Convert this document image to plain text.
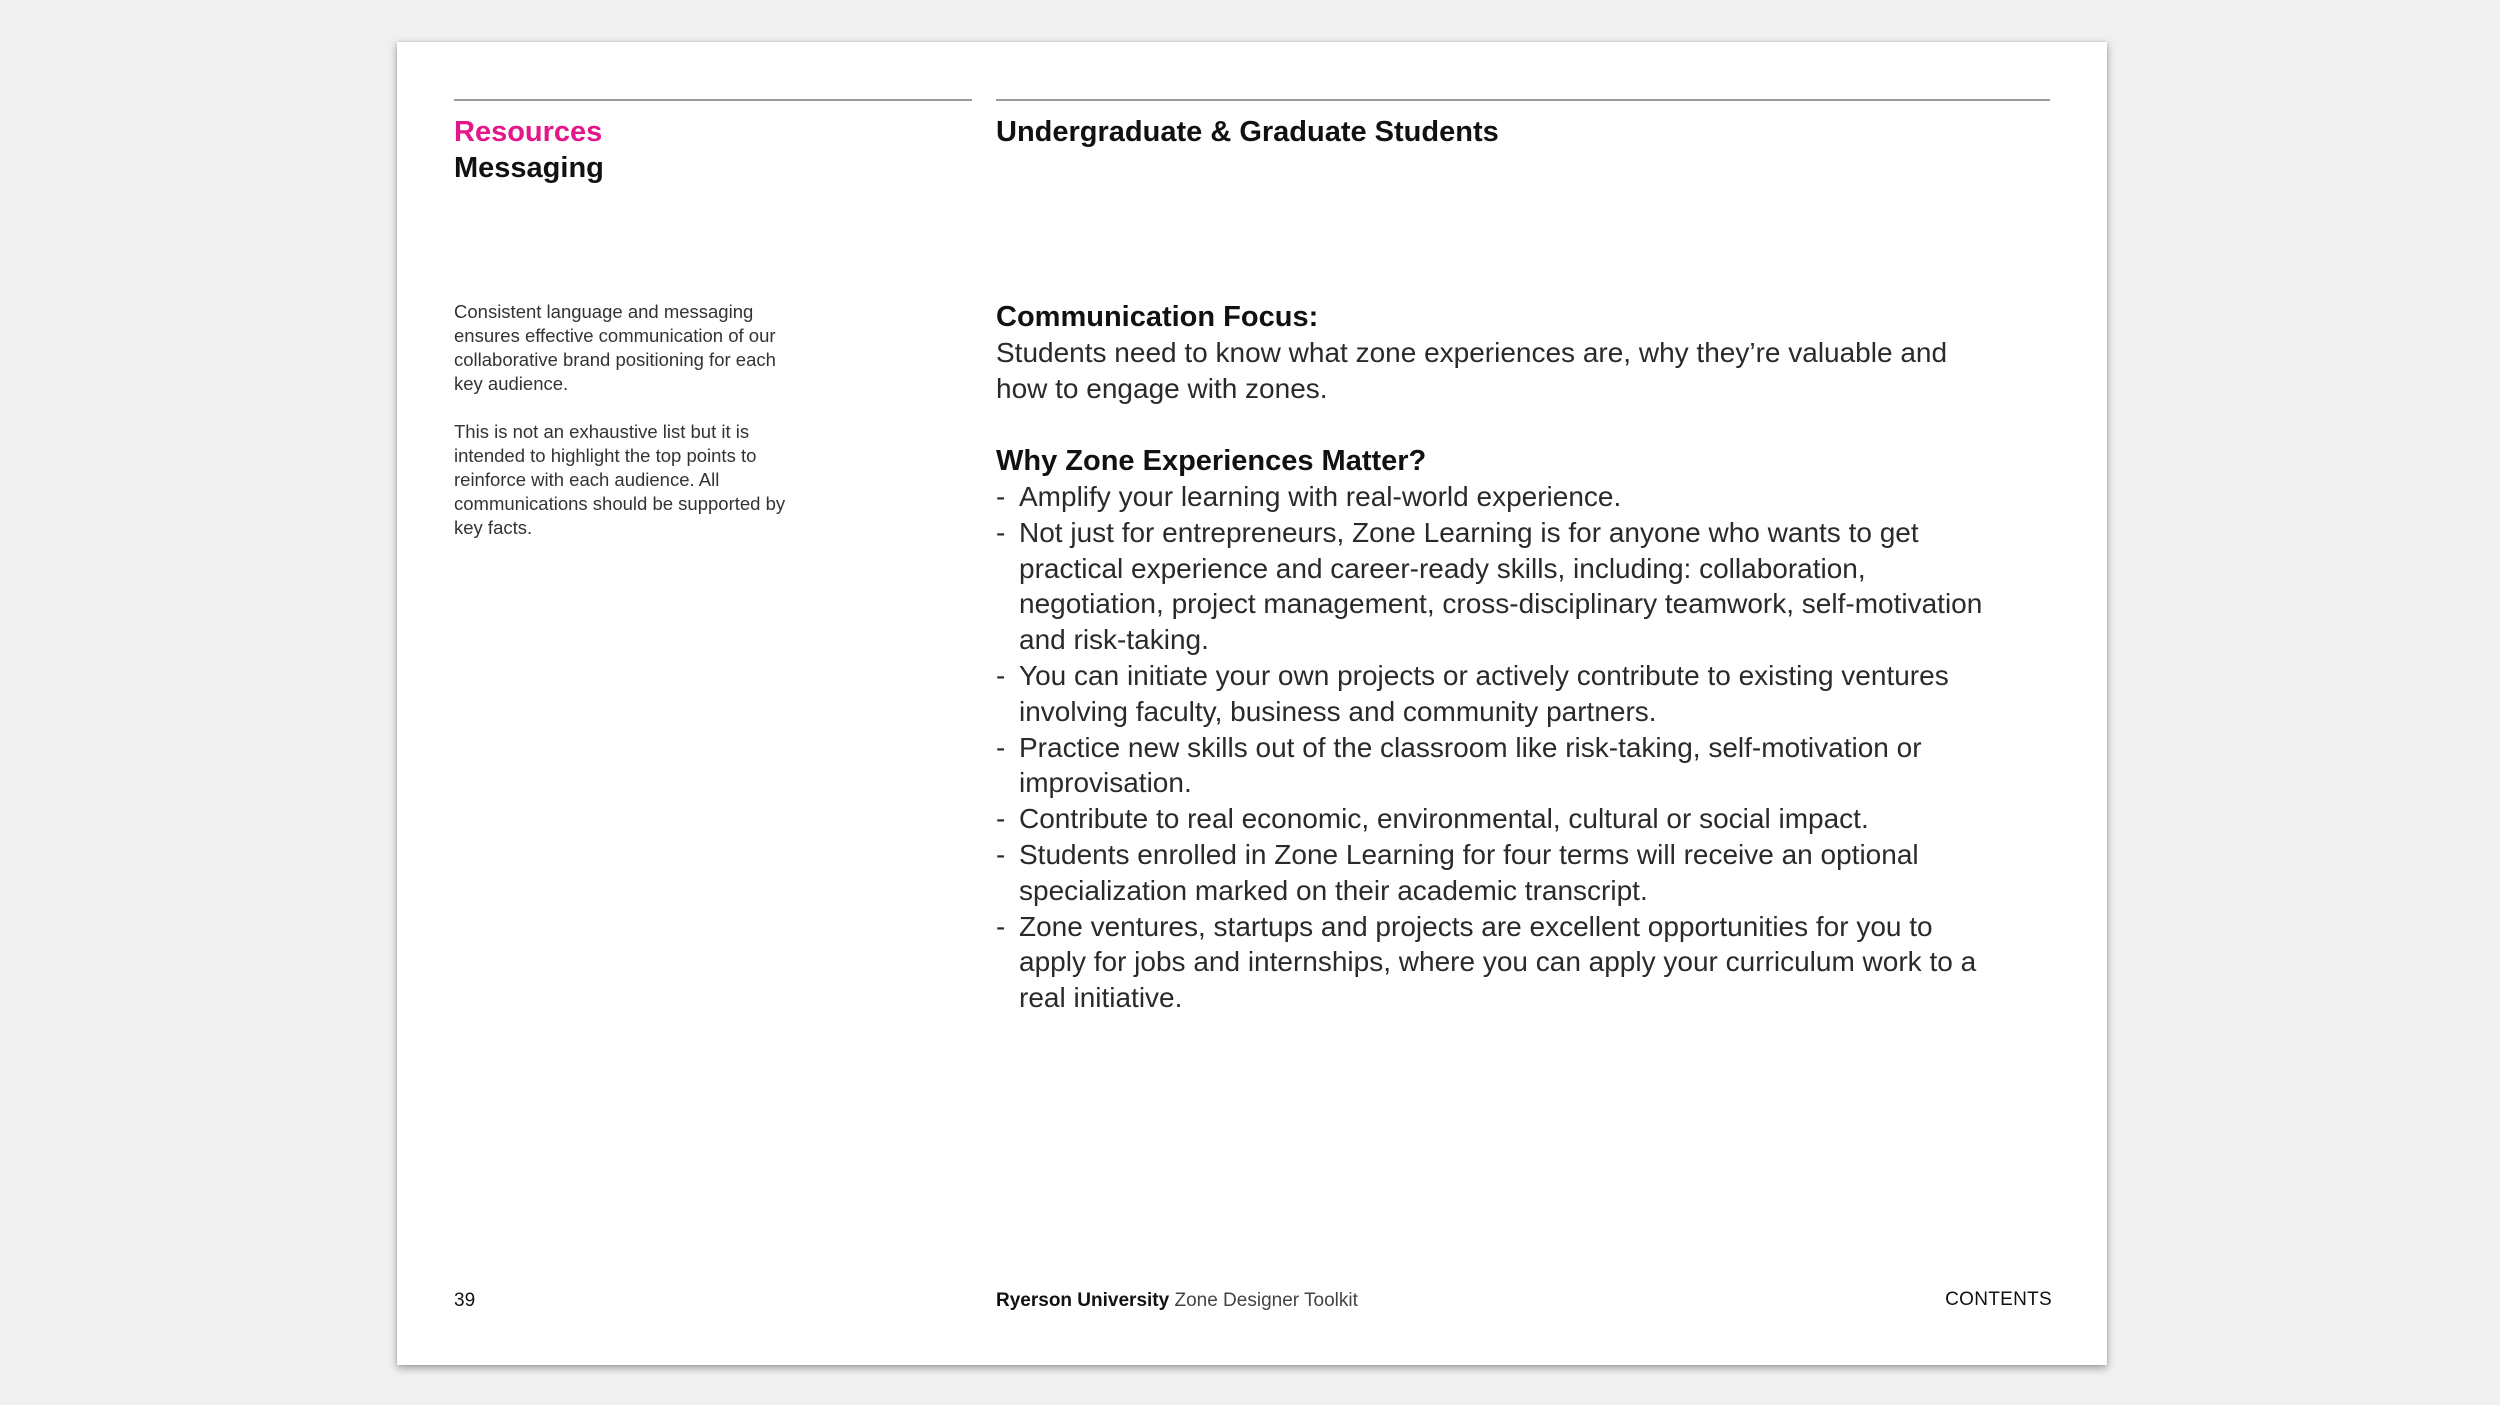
Resources
Messaging
Undergraduate & Graduate Students

Consistent language and messaging ensures effective communication of our collaborative brand positioning for each key audience.

This is not an exhaustive list but it is intended to highlight the top points to reinforce with each audience. All communications should be supported by key facts.

Communication Focus:

Students need to know what zone experiences are, why they’re valuable and how to engage with zones.

Why Zone Experiences Matter?
- Amplify your learning with real-world experience.
- Not just for entrepreneurs, Zone Learning is for anyone who wants to get practical experience and career-ready skills, including: collaboration, negotiation, project management, cross-disciplinary teamwork, self-motivation and risk-taking.
- You can initiate your own projects or actively contribute to existing ventures involving faculty, business and community partners.
- Practice new skills out of the classroom like risk-taking, self-motivation or improvisation.
- Contribute to real economic, environmental, cultural or social impact.
- Students enrolled in Zone Learning for four terms will receive an optional specialization marked on their academic transcript.
- Zone ventures, startups and projects are excellent opportunities for you to apply for jobs and internships, where you can apply your curriculum work to a real initiative.
39	Ryerson University Zone Designer Toolkit	CONTENTS
